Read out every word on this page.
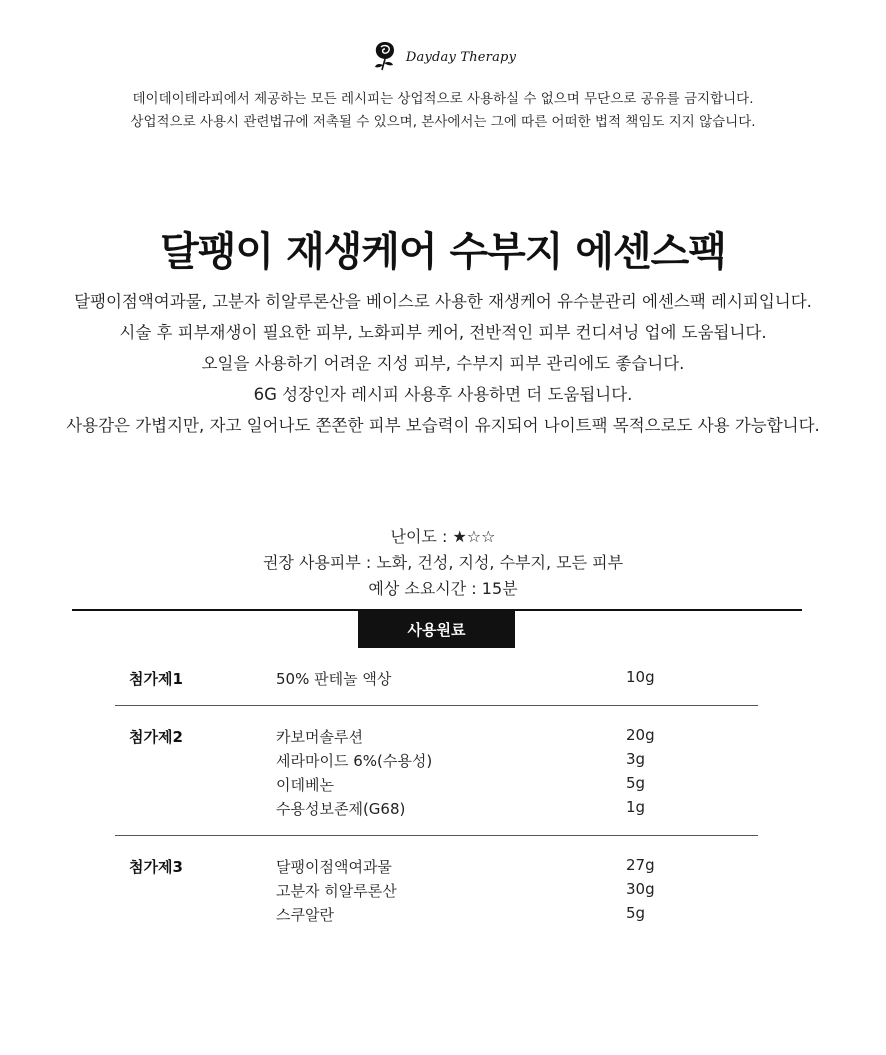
Dayday Therapy
데이데이테라피에서 제공하는 모든 레시피는 상업적으로 사용하실 수 없으며 무단으로 공유를 금지합니다.
상업적으로 사용시 관련법규에 저촉될 수 있으며, 본사에서는 그에 따른 어떠한 법적 책임도 지지 않습니다.
달팽이 재생케어 수부지 에센스팩
달팽이점액여과물, 고분자 히알루론산을 베이스로 사용한 재생케어 유수분관리 에센스팩 레시피입니다.
시술 후 피부재생이 필요한 피부, 노화피부 케어, 전반적인 피부 컨디셔닝 업에 도움됩니다.
오일을 사용하기 어려운 지성 피부, 수부지 피부 관리에도 좋습니다.
6G 성장인자 레시피 사용후 사용하면 더 도움됩니다.
사용감은 가볍지만, 자고 일어나도 쫀쫀한 피부 보습력이 유지되어 나이트팩 목적으로도 사용 가능합니다.
난이도 : ★☆☆
권장 사용피부 : 노화, 건성, 지성, 수부지, 모든 피부
예상 소요시간 : 15분
사용원료
첨가제1	50% 판테놀 액상	10g
첨가제2	카보머솔루션	20g
세라마이드 6%(수용성)	3g
이데베논	5g
수용성보존제(G68)	1g
첨가제3	달팽이점액여과물	27g
고분자 히알루론산	30g
스쿠알란	5g
